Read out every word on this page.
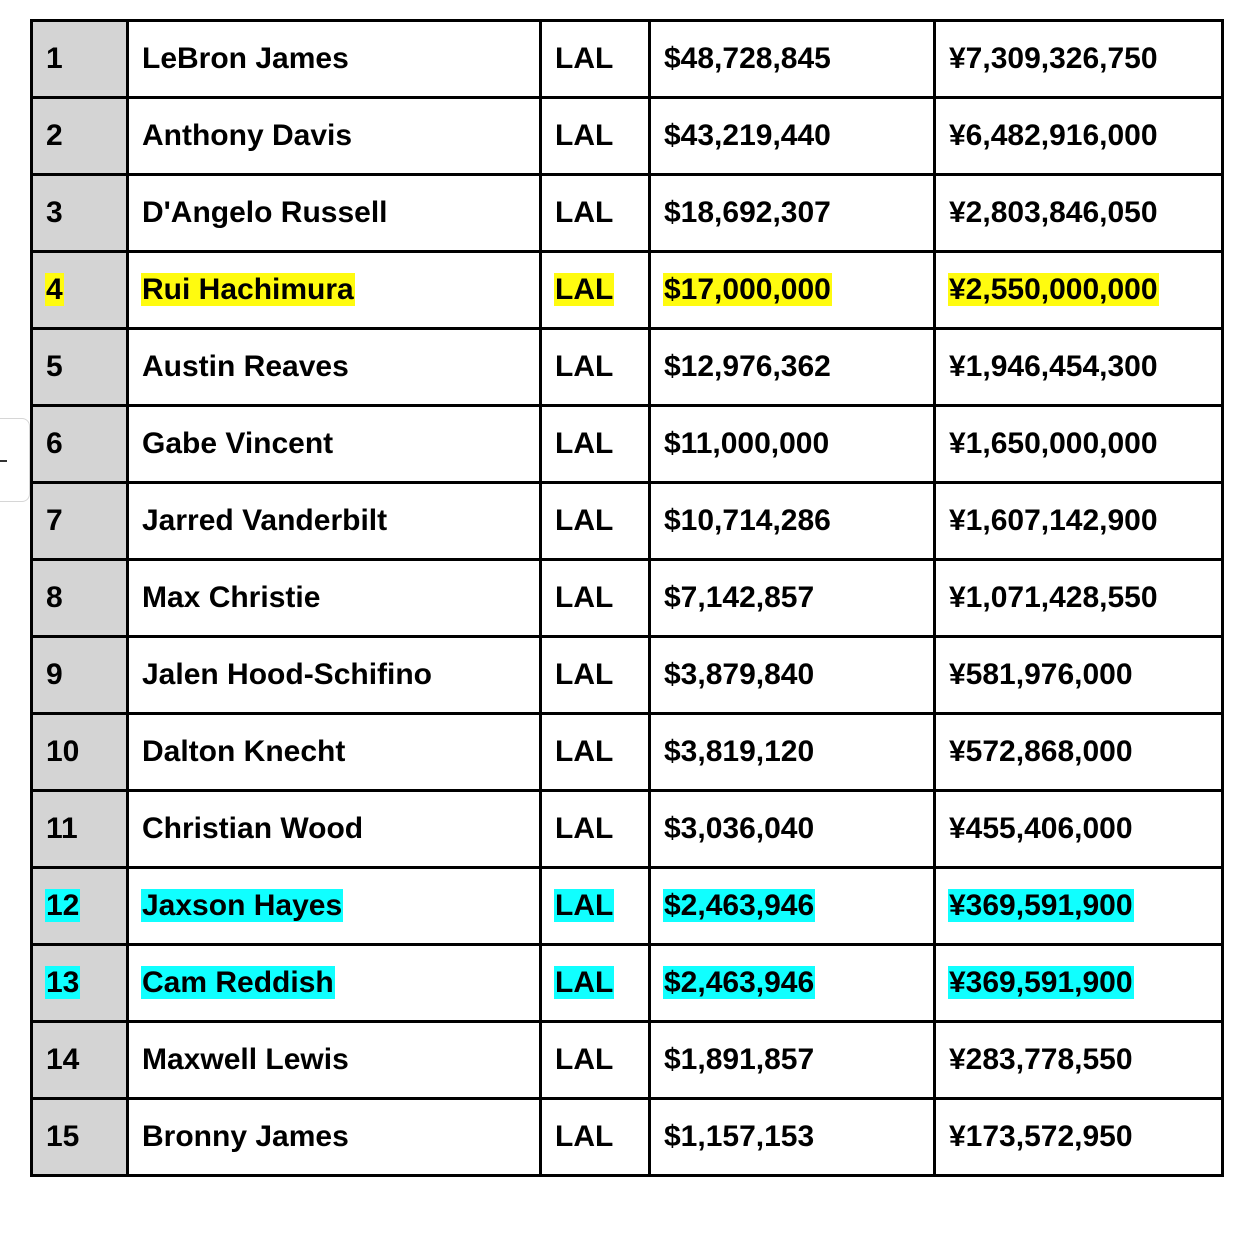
1	LeBron James	LAL	$48,728,845	¥7,309,326,750
2	Anthony Davis	LAL	$43,219,440	¥6,482,916,000
3	D'Angelo Russell	LAL	$18,692,307	¥2,803,846,050
4	Rui Hachimura	LAL	$17,000,000	¥2,550,000,000
5	Austin Reaves	LAL	$12,976,362	¥1,946,454,300
6	Gabe Vincent	LAL	$11,000,000	¥1,650,000,000
7	Jarred Vanderbilt	LAL	$10,714,286	¥1,607,142,900
8	Max Christie	LAL	$7,142,857	¥1,071,428,550
9	Jalen Hood-Schifino	LAL	$3,879,840	¥581,976,000
10	Dalton Knecht	LAL	$3,819,120	¥572,868,000
11	Christian Wood	LAL	$3,036,040	¥455,406,000
12	Jaxson Hayes	LAL	$2,463,946	¥369,591,900
13	Cam Reddish	LAL	$2,463,946	¥369,591,900
14	Maxwell Lewis	LAL	$1,891,857	¥283,778,550
15	Bronny James	LAL	$1,157,153	¥173,572,950
